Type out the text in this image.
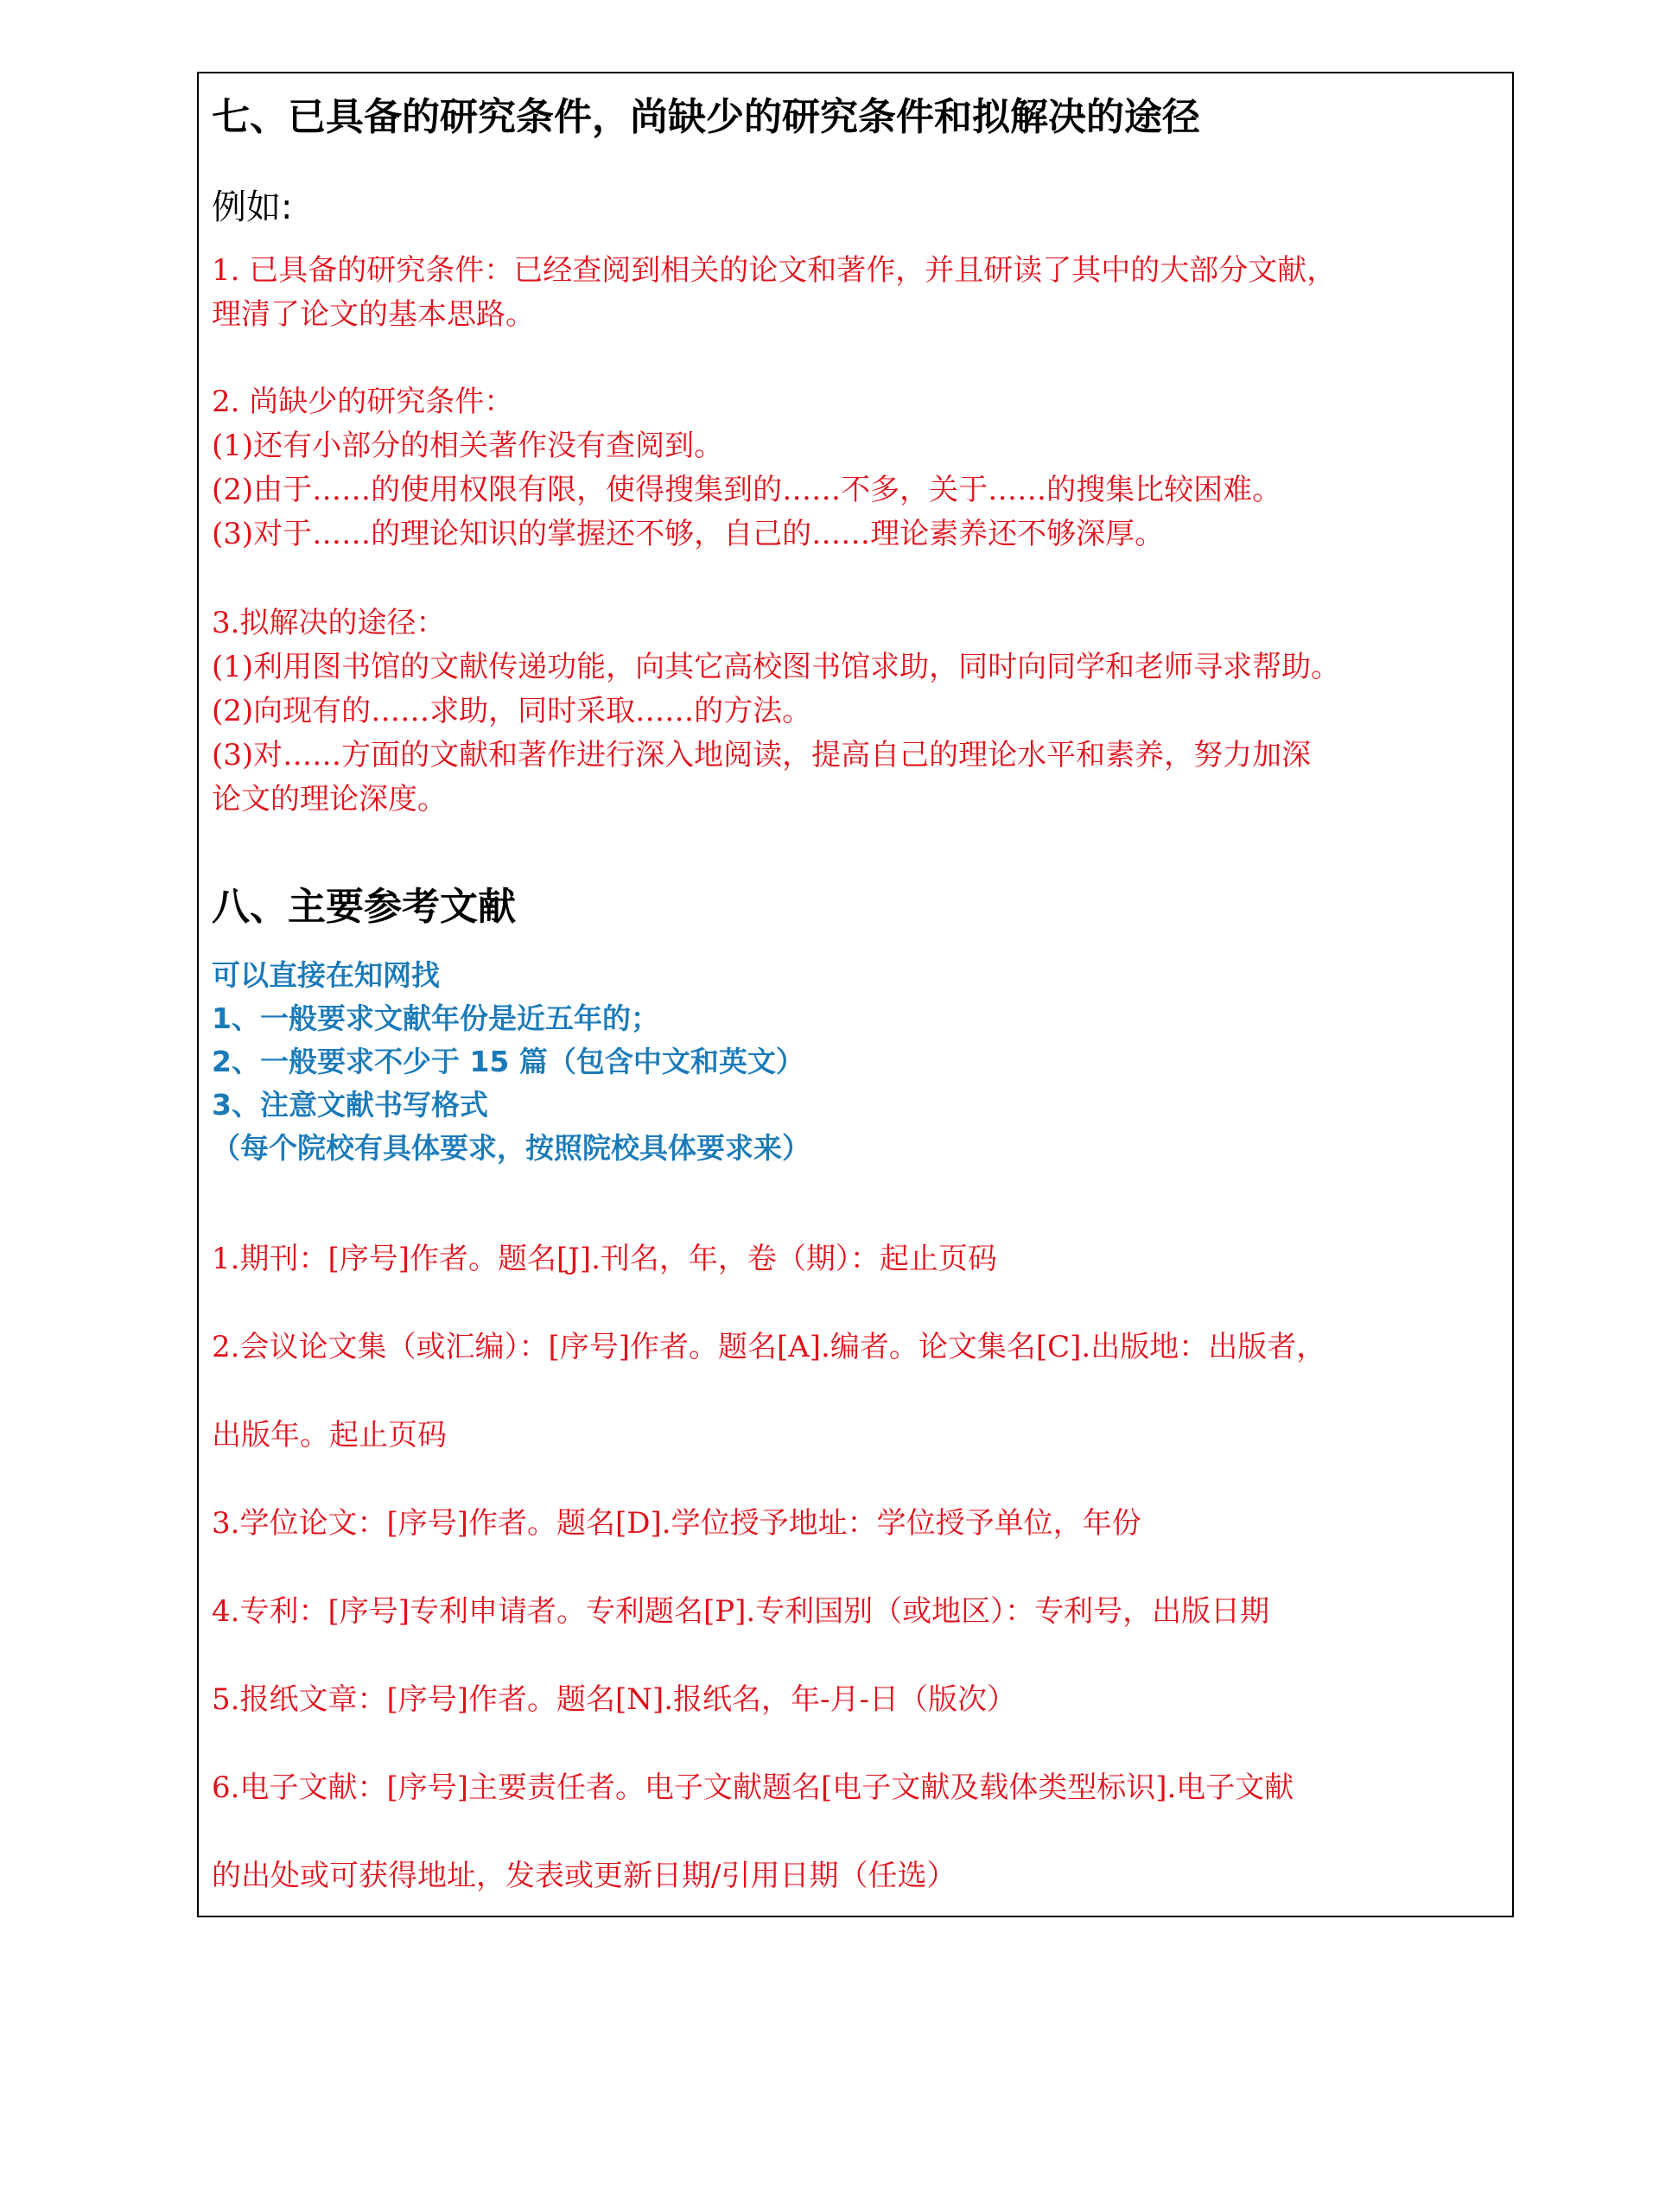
七、已具备的研究条件，尚缺少的研究条件和拟解决的途径
例如:
1. 已具备的研究条件：已经查阅到相关的论文和著作，并且研读了其中的大部分文献，
理清了论文的基本思路。
2. 尚缺少的研究条件：
(1)还有小部分的相关著作没有查阅到。
(2)由于……的使用权限有限，使得搜集到的……不多，关于……的搜集比较困难。
(3)对于……的理论知识的掌握还不够，自己的……理论素养还不够深厚。
3.拟解决的途径：
(1)利用图书馆的文献传递功能，向其它高校图书馆求助，同时向同学和老师寻求帮助。
(2)向现有的……求助，同时采取……的方法。
(3)对……方面的文献和著作进行深入地阅读，提高自己的理论水平和素养，努力加深
论文的理论深度。
八、主要参考文献
可以直接在知网找
1、一般要求文献年份是近五年的；
2、一般要求不少于 15 篇（包含中文和英文）
3、注意文献书写格式
（每个院校有具体要求，按照院校具体要求来）
1.期刊：[序号]作者。题名[J].刊名，年，卷（期）：起止页码
2.会议论文集（或汇编）：[序号]作者。题名[A].编者。论文集名[C].出版地：出版者，
出版年。起止页码
3.学位论文：[序号]作者。题名[D].学位授予地址：学位授予单位，年份
4.专利：[序号]专利申请者。专利题名[P].专利国别（或地区）：专利号，出版日期
5.报纸文章：[序号]作者。题名[N].报纸名，年-月-日（版次）
6.电子文献：[序号]主要责任者。电子文献题名[电子文献及载体类型标识].电子文献
的出处或可获得地址，发表或更新日期/引用日期（任选）
